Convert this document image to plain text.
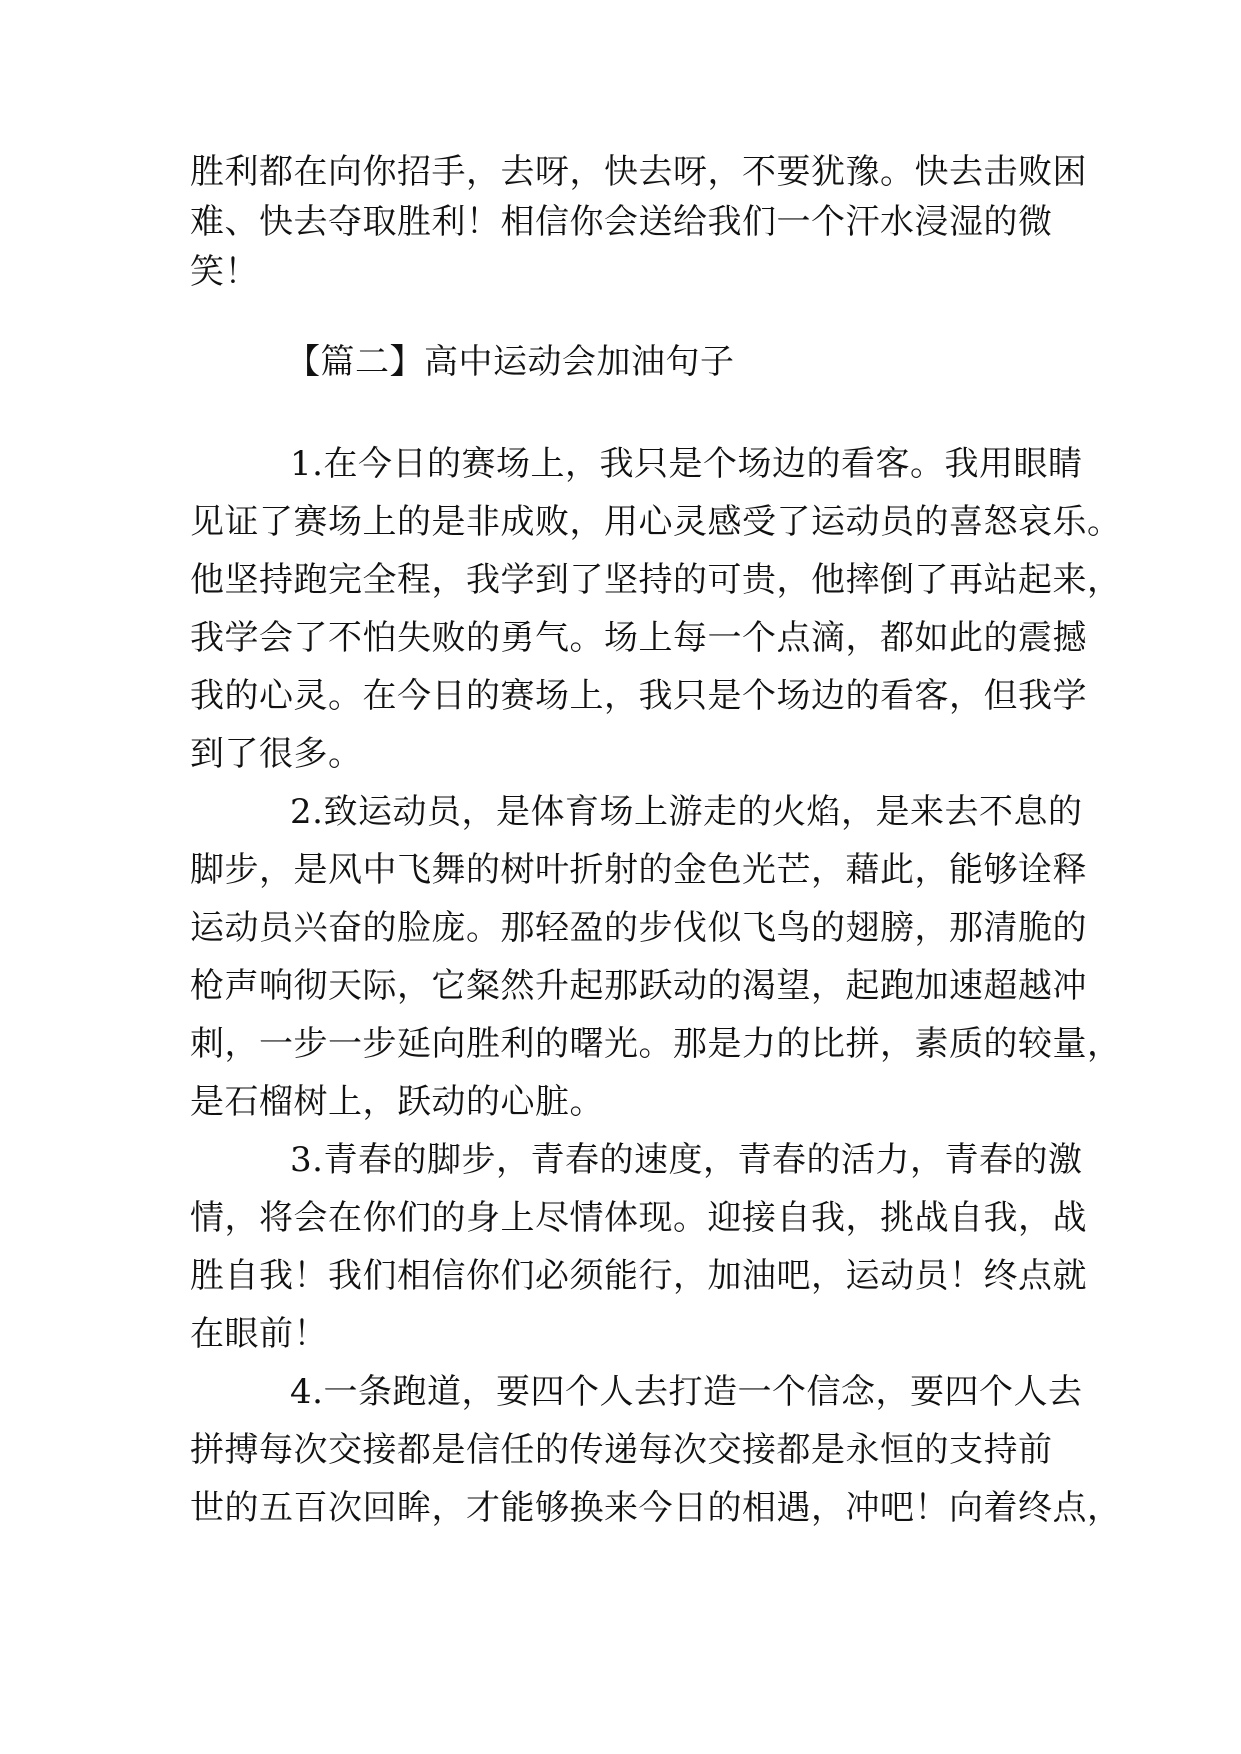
胜利都在向你招手，去呀，快去呀，不要犹豫。快去击败困
难、快去夺取胜利！相信你会送给我们一个汗水浸湿的微
笑！
【篇二】高中运动会加油句子
1.在今日的赛场上，我只是个场边的看客。我用眼睛
见证了赛场上的是非成败，用心灵感受了运动员的喜怒哀乐。
他坚持跑完全程，我学到了坚持的可贵，他摔倒了再站起来，
我学会了不怕失败的勇气。场上每一个点滴，都如此的震撼
我的心灵。在今日的赛场上，我只是个场边的看客，但我学
到了很多。
2.致运动员，是体育场上游走的火焰，是来去不息的
脚步，是风中飞舞的树叶折射的金色光芒，藉此，能够诠释
运动员兴奋的脸庞。那轻盈的步伐似飞鸟的翅膀，那清脆的
枪声响彻天际，它粲然升起那跃动的渴望，起跑加速超越冲
刺，一步一步延向胜利的曙光。那是力的比拼，素质的较量，
是石榴树上，跃动的心脏。
3.青春的脚步，青春的速度，青春的活力，青春的激
情，将会在你们的身上尽情体现。迎接自我，挑战自我，战
胜自我！我们相信你们必须能行，加油吧，运动员！终点就
在眼前！
4.一条跑道，要四个人去打造一个信念，要四个人去
拼搏每次交接都是信任的传递每次交接都是永恒的支持前
世的五百次回眸，才能够换来今日的相遇，冲吧！向着终点，
